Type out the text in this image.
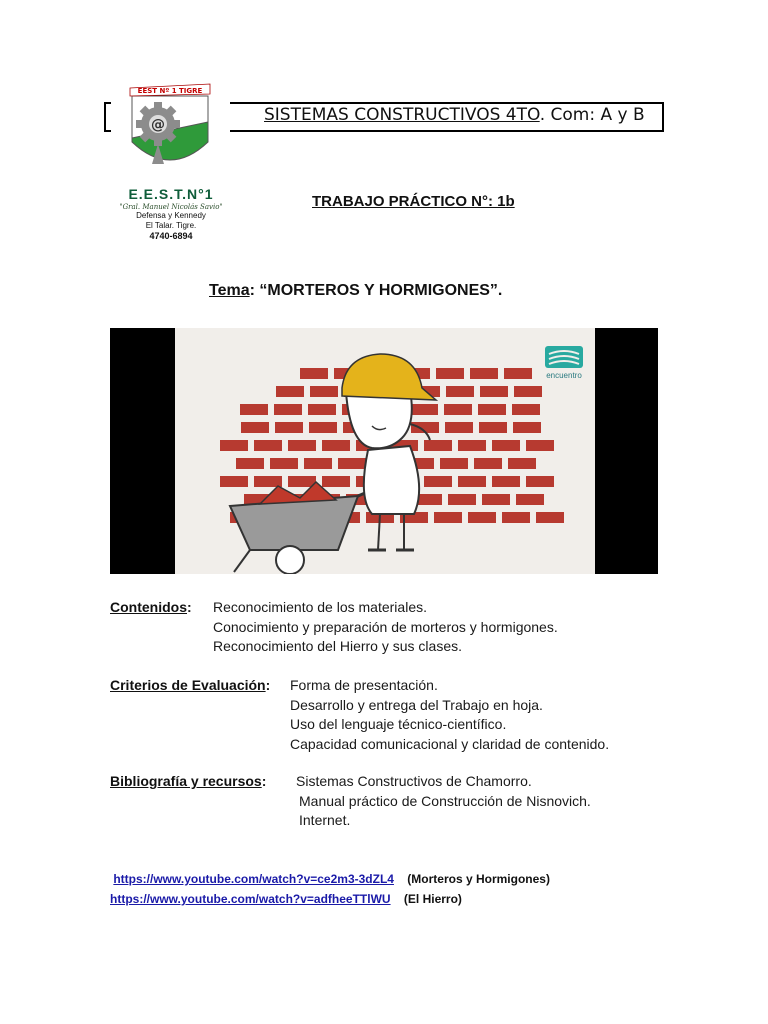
SISTEMAS CONSTRUCTIVOS 4TO. Com: A y B
@
EEST Nº 1 TIGRE
E.E.S.T.N°1
"Gral. Manuel Nicolás Savio"
Defensa y Kennedy
El Talar. Tigre.
4740-6894
TRABAJO PRÁCTICO N°: 1b
Tema: “MORTEROS Y HORMIGONES”.
encuentro
Contenidos: Reconocimiento de los materiales.
Conocimiento y preparación de morteros y hormigones.
Reconocimiento del Hierro y sus clases.
Criterios de Evaluación: Forma de presentación.
Desarrollo y entrega del Trabajo en hoja.
Uso del lenguaje técnico-científico.
Capacidad comunicacional y claridad de contenido.
Bibliografía y recursos: Sistemas Constructivos de Chamorro.
Manual práctico de Construcción de Nisnovich.
Internet.
https://www.youtube.com/watch?v=ce2m3-3dZL4 (Morteros y Hormigones)
https://www.youtube.com/watch?v=adfheeTTlWU (El Hierro)
